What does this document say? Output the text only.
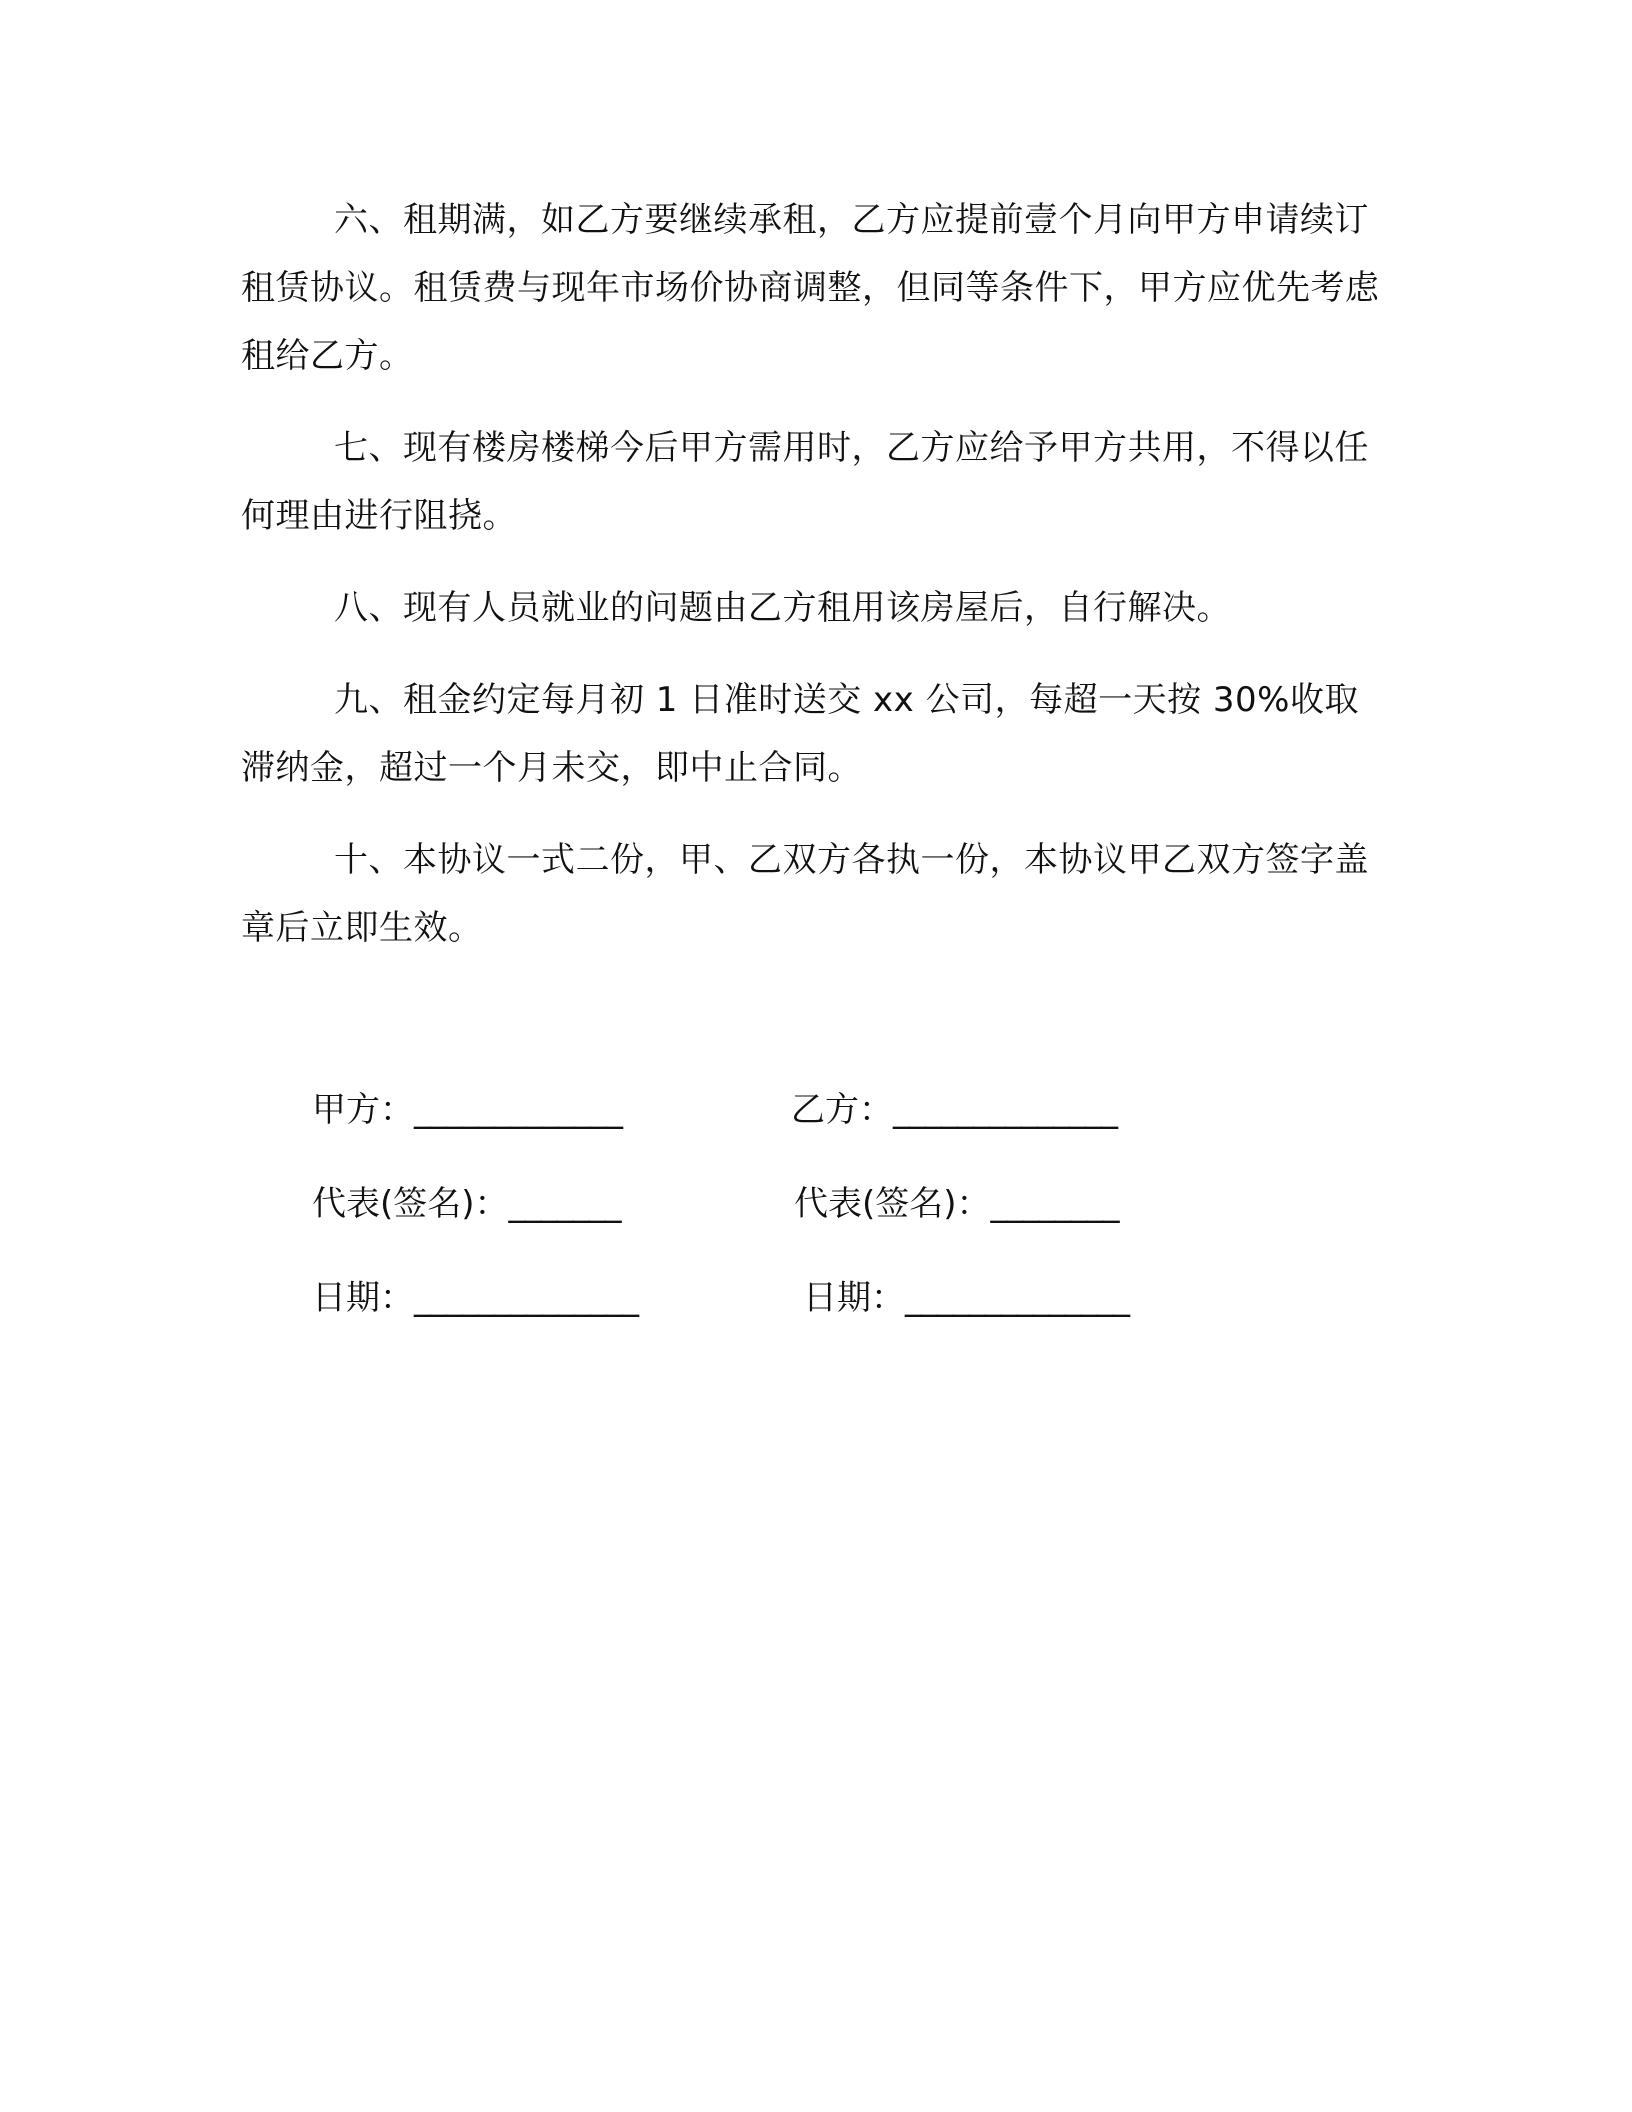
六、租期满，如乙方要继续承租，乙方应提前壹个月向甲方申请续订租赁协议。租赁费与现年市场价协商调整，但同等条件下，甲方应优先考虑租给乙方。

七、现有楼房楼梯今后甲方需用时，乙方应给予甲方共用，不得以任何理由进行阻挠。

八、现有人员就业的问题由乙方租用该房屋后，自行解决。

九、租金约定每月初 1 日准时送交 xx 公司，每超一天按 30%收取滞纳金，超过一个月未交，即中止合同。

十、本协议一式二份，甲、乙双方各执一份，本协议甲乙双方签字盖章后立即生效。

甲方：_____________
代表(签名)：_______
日期：______________
乙方：______________
代表(签名)：________
日期：______________
